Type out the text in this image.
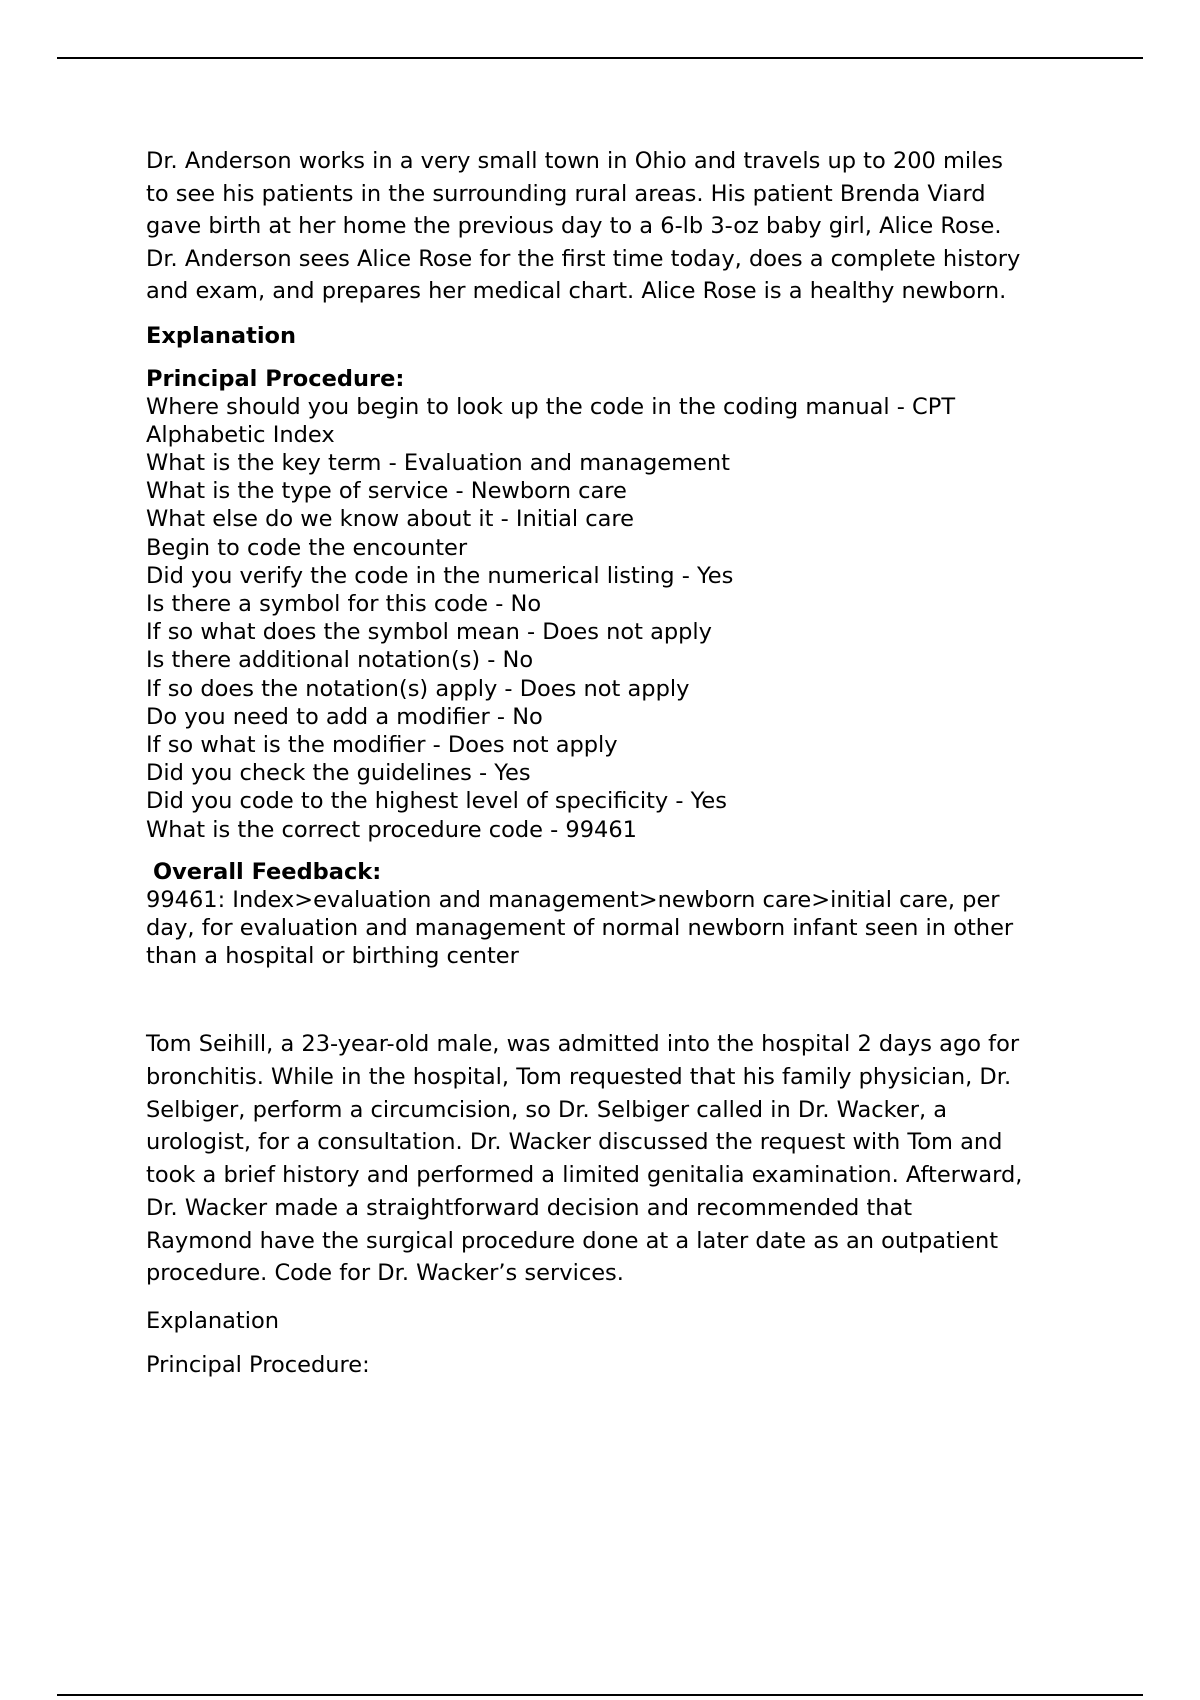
Dr. Anderson works in a very small town in Ohio and travels up to 200 miles
to see his patients in the surrounding rural areas. His patient Brenda Viard
gave birth at her home the previous day to a 6-lb 3-oz baby girl, Alice Rose.
Dr. Anderson sees Alice Rose for the first time today, does a complete history
and exam, and prepares her medical chart. Alice Rose is a healthy newborn.
Explanation
Principal Procedure:
Where should you begin to look up the code in the coding manual - CPT
Alphabetic Index
What is the key term - Evaluation and management
What is the type of service - Newborn care
What else do we know about it - Initial care
Begin to code the encounter
Did you verify the code in the numerical listing - Yes
Is there a symbol for this code - No
If so what does the symbol mean - Does not apply
Is there additional notation(s) - No
If so does the notation(s) apply - Does not apply
Do you need to add a modifier - No
If so what is the modifier - Does not apply
Did you check the guidelines - Yes
Did you code to the highest level of specificity - Yes
What is the correct procedure code - 99461
Overall Feedback:
99461: Index>evaluation and management>newborn care>initial care, per
day, for evaluation and management of normal newborn infant seen in other
than a hospital or birthing center
Tom Seihill, a 23-year-old male, was admitted into the hospital 2 days ago for
bronchitis. While in the hospital, Tom requested that his family physician, Dr.
Selbiger, perform a circumcision, so Dr. Selbiger called in Dr. Wacker, a
urologist, for a consultation. Dr. Wacker discussed the request with Tom and
took a brief history and performed a limited genitalia examination. Afterward,
Dr. Wacker made a straightforward decision and recommended that
Raymond have the surgical procedure done at a later date as an outpatient
procedure. Code for Dr. Wacker’s services.
Explanation
Principal Procedure:
